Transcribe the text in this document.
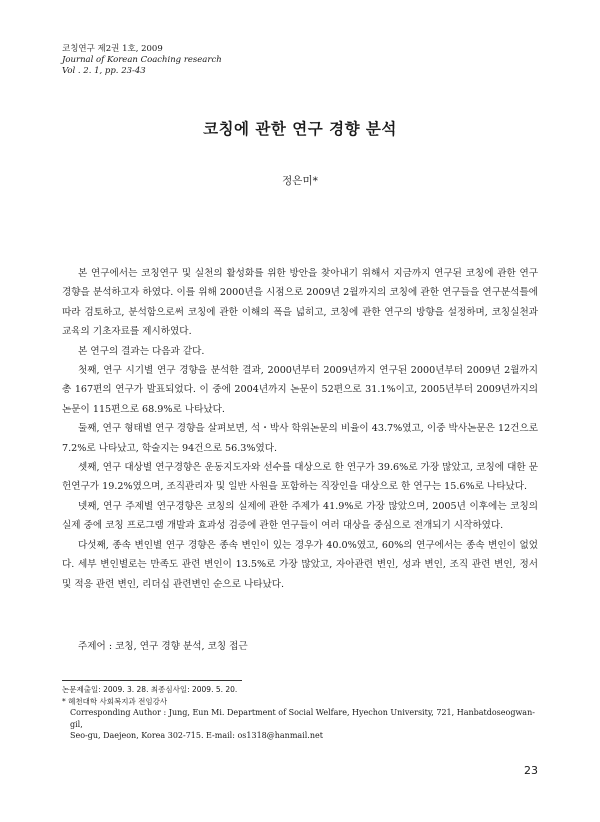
코칭연구 제2권 1호, 2009
Journal of Korean Coaching research
Vol . 2. 1, pp. 23-43
코칭에 관한 연구 경향 분석
정은미*

본 연구에서는 코칭연구 및 실천의 활성화를 위한 방안을 찾아내기 위해서 지금까지 연구된 코칭에 관한 연구 경향을 분석하고자 하였다. 이를 위해 2000년을 시점으로 2009년 2월까지의 코칭에 관한 연구들을 연구분석틀에 따라 검토하고, 분석함으로써 코칭에 관한 이해의 폭을 넓히고, 코칭에 관한 연구의 방향을 설정하며, 코칭실천과 교육의 기초자료를 제시하였다.

본 연구의 결과는 다음과 같다.

첫째, 연구 시기별 연구 경향을 분석한 결과, 2000년부터 2009년까지 연구된 2000년부터 2009년 2월까지 총 167편의 연구가 발표되었다. 이 중에 2004년까지 논문이 52편으로 31.1%이고, 2005년부터 2009년까지의 논문이 115편으로 68.9%로 나타났다.

둘째, 연구 형태별 연구 경향을 살펴보면, 석・박사 학위논문의 비율이 43.7%였고, 이중 박사논문은 12건으로 7.2%로 나타났고, 학술지는 94건으로 56.3%였다.

셋째, 연구 대상별 연구경향은 운동지도자와 선수를 대상으로 한 연구가 39.6%로 가장 많았고, 코칭에 대한 문헌연구가 19.2%였으며, 조직관리자 및 일반 사원을 포함하는 직장인을 대상으로 한 연구는 15.6%로 나타났다.

넷째, 연구 주제별 연구경향은 코칭의 실제에 관한 주제가 41.9%로 가장 많았으며, 2005년 이후에는 코칭의 실제 중에 코칭 프로그램 개발과 효과성 검증에 관한 연구들이 여러 대상을 중심으로 전개되기 시작하였다.

다섯째, 종속 변인별 연구 경향은 종속 변인이 있는 경우가 40.0%였고, 60%의 연구에서는 종속 변인이 없었다. 세부 변인별로는 만족도 관련 변인이 13.5%로 가장 많았고, 자아관련 변인, 성과 변인, 조직 관련 변인, 정서 및 적응 관련 변인, 리더십 관련변인 순으로 나타났다.

주제어 : 코칭, 연구 경향 분석, 코칭 접근
논문제출일: 2009. 3. 28. 최종심사일: 2009. 5. 20.
* 혜천대학 사회복지과 전임강사
Corresponding Author : Jung, Eun Mi. Department of Social Welfare, Hyechon University, 721, Hanbatdoseogwan-gil,
Seo-gu, Daejeon, Korea 302-715. E-mail: os1318@hanmail.net
23
